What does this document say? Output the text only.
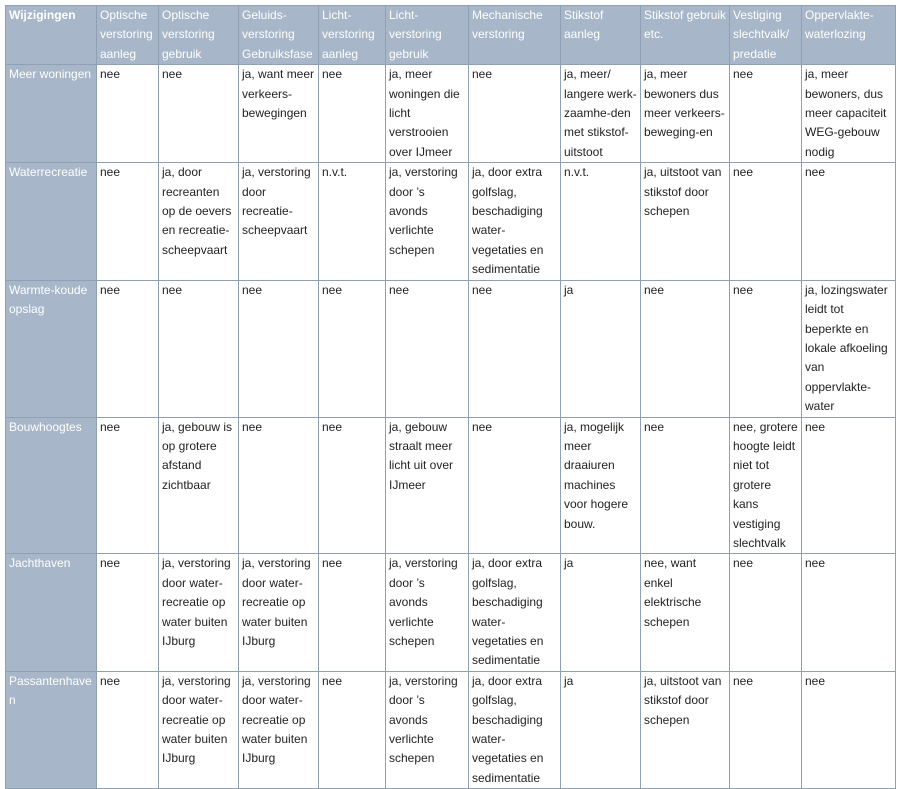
Wijzigingen	Optische verstoring aanleg	Optische verstoring gebruik	Geluids-verstoring Gebruiksfase	Licht-verstoring aanleg	Licht-verstoring gebruik	Mechanische verstoring	Stikstof aanleg	Stikstof gebruik etc.	Vestiging slechtvalk/ predatie	Oppervlakte-waterlozing
Meer woningen	nee	nee	ja, want meer verkeers-bewegingen	nee	ja, meer woningen die licht verstrooien over IJmeer	nee	ja, meer/ langere werk-zaamhe-den met stikstof-uitstoot	ja, meer bewoners dus meer verkeers-beweging-en	nee	ja, meer bewoners, dus meer capaciteit WEG-gebouw nodig
Waterrecreatie	nee	ja, door recreanten op de oevers en recreatie-scheepvaart	ja, verstoring door recreatie-scheepvaart	n.v.t.	ja, verstoring door ’s avonds verlichte schepen	ja, door extra golfslag, beschadiging water-vegetaties en sedimentatie	n.v.t.	ja, uitstoot van stikstof door schepen	nee	nee
Warmte-koude opslag	nee	nee	nee	nee	nee	nee	ja	nee	nee	ja, lozingswater leidt tot beperkte en lokale afkoeling van oppervlakte-water
Bouwhoogtes	nee	ja, gebouw is op grotere afstand zichtbaar	nee	nee	ja, gebouw straalt meer licht uit over IJmeer	nee	ja, mogelijk meer draaiuren machines voor hogere bouw.	nee	nee, grotere hoogte leidt niet tot grotere kans vestiging slechtvalk	nee
Jachthaven	nee	ja, verstoring door water-recreatie op water buiten IJburg	ja, verstoring door water-recreatie op water buiten IJburg	nee	ja, verstoring door ’s avonds verlichte schepen	ja, door extra golfslag, beschadiging water-vegetaties en sedimentatie	ja	nee, want enkel elektrische schepen	nee	nee
Passantenhaven	nee	ja, verstoring door water-recreatie op water buiten IJburg	ja, verstoring door water-recreatie op water buiten IJburg	nee	ja, verstoring door ’s avonds verlichte schepen	ja, door extra golfslag, beschadiging water-vegetaties en sedimentatie	ja	ja, uitstoot van stikstof door schepen	nee	nee
